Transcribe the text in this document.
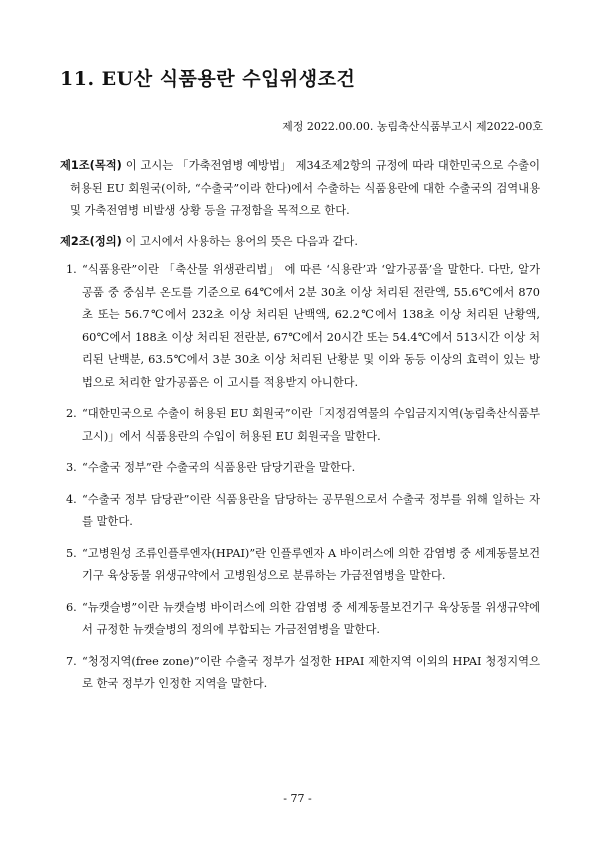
11. EU산 식품용란 수입위생조건
제정 2022.00.00. 농림축산식품부고시 제2022-00호

제1조(목적) 이 고시는 「가축전염병 예방법」 제34조제2항의 규정에 따라 대한민국으로 수출이 허용된 EU 회원국(이하, “수출국”이라 한다)에서 수출하는 식품용란에 대한 수출국의 검역내용 및 가축전염병 비발생 상황 등을 규정함을 목적으로 한다.

제2조(정의) 이 고시에서 사용하는 용어의 뜻은 다음과 같다.

1. “식품용란”이란 「축산물 위생관리법」 에 따른 ‘식용란’과 ‘알가공품’을 말한다. 다만, 알가공품 중 중심부 온도를 기준으로 64℃에서 2분 30초 이상 처리된 전란액, 55.6℃에서 870초 또는 56.7℃에서 232초 이상 처리된 난백액, 62.2℃에서 138초 이상 처리된 난황액, 60℃에서 188초 이상 처리된 전란분, 67℃에서 20시간 또는 54.4℃에서 513시간 이상 처리된 난백분, 63.5℃에서 3분 30초 이상 처리된 난황분 및 이와 동등 이상의 효력이 있는 방법으로 처리한 알가공품은 이 고시를 적용받지 아니한다.
2. “대한민국으로 수출이 허용된 EU 회원국”이란「지정검역물의 수입금지지역(농림축산식품부 고시)」에서 식품용란의 수입이 허용된 EU 회원국을 말한다.
3. “수출국 정부”란 수출국의 식품용란 담당기관을 말한다.
4. “수출국 정부 담당관”이란 식품용란을 담당하는 공무원으로서 수출국 정부를 위해 일하는 자를 말한다.
5. “고병원성 조류인플루엔자(HPAI)”란 인플루엔자 A 바이러스에 의한 감염병 중 세계동물보건기구 육상동물 위생규약에서 고병원성으로 분류하는 가금전염병을 말한다.
6. “뉴캣슬병”이란 뉴캣슬병 바이러스에 의한 감염병 중 세계동물보건기구 육상동물 위생규약에서 규정한 뉴캣슬병의 정의에 부합되는 가금전염병을 말한다.
7. “청정지역(free zone)”이란 수출국 정부가 설정한 HPAI 제한지역 이외의 HPAI 청정지역으로 한국 정부가 인정한 지역을 말한다.
- 77 -
